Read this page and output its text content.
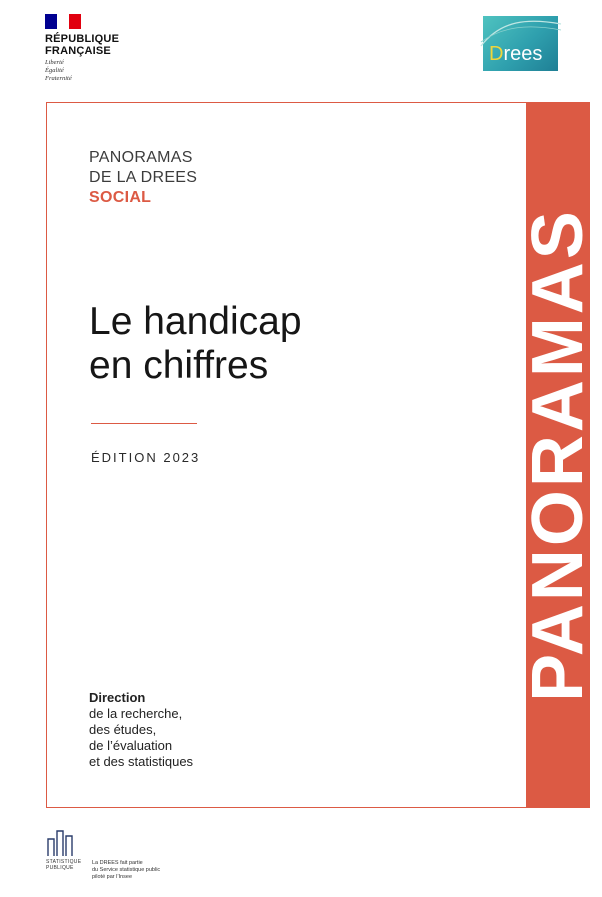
RÉPUBLIQUE
FRANÇAISE
Liberté
Égalité
Fraternité
Drees
PANORAMAS
PANORAMAS
DE LA DREES
SOCIAL
Le handicap
en chiffres
ÉDITION 2023
Direction
de la recherche,
des études,
de l’évaluation
et des statistiques
STATISTIQUE
PUBLIQUE
La DREES fait partie
du Service statistique public
piloté par l’Insee
